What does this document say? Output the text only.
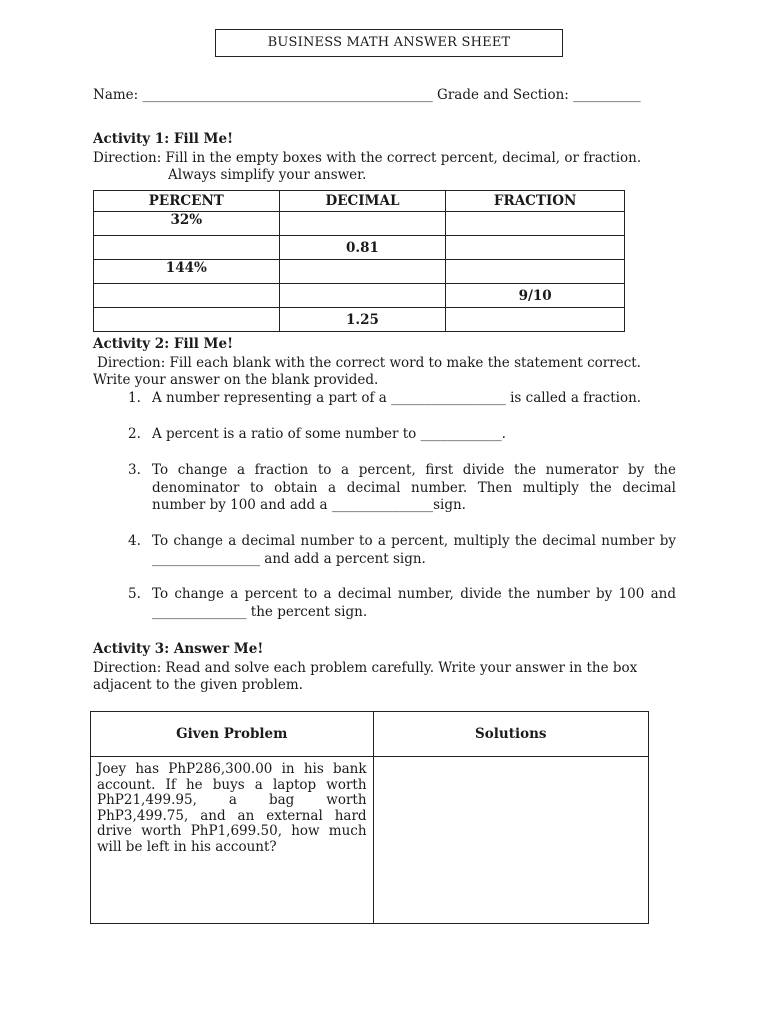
BUSINESS MATH ANSWER SHEET
Name: ___________________________________________ Grade and Section: __________
Activity 1: Fill Me!
Direction: Fill in the empty boxes with the correct percent, decimal, or fraction.
Always simplify your answer.
PERCENT	DECIMAL	FRACTION
32%		
	0.81	
144%		
		9/10
	1.25	
Activity 2: Fill Me!
Direction: Fill each blank with the correct word to make the statement correct.
Write your answer on the blank provided.
1. A number representing a part of a _________________ is called a fraction.
2. A percent is a ratio of some number to ____________.
3. To change a fraction to a percent, first divide the numerator by the denominator to obtain a decimal number. Then multiply the decimal number by 100 and add a _______________sign.
4. To change a decimal number to a percent, multiply the decimal number by ________________ and add a percent sign.
5. To change a percent to a decimal number, divide the number by 100 and ______________ the percent sign.
Activity 3: Answer Me!
Direction: Read and solve each problem carefully. Write your answer in the box
adjacent to the given problem.
Given Problem	Solutions

Joey has PhP286,300.00 in his bank account. If he buys a laptop worth PhP21,499.95, a bag worth PhP3,499.75, and an external hard drive worth PhP1,699.50, how much will be left in his account?	
